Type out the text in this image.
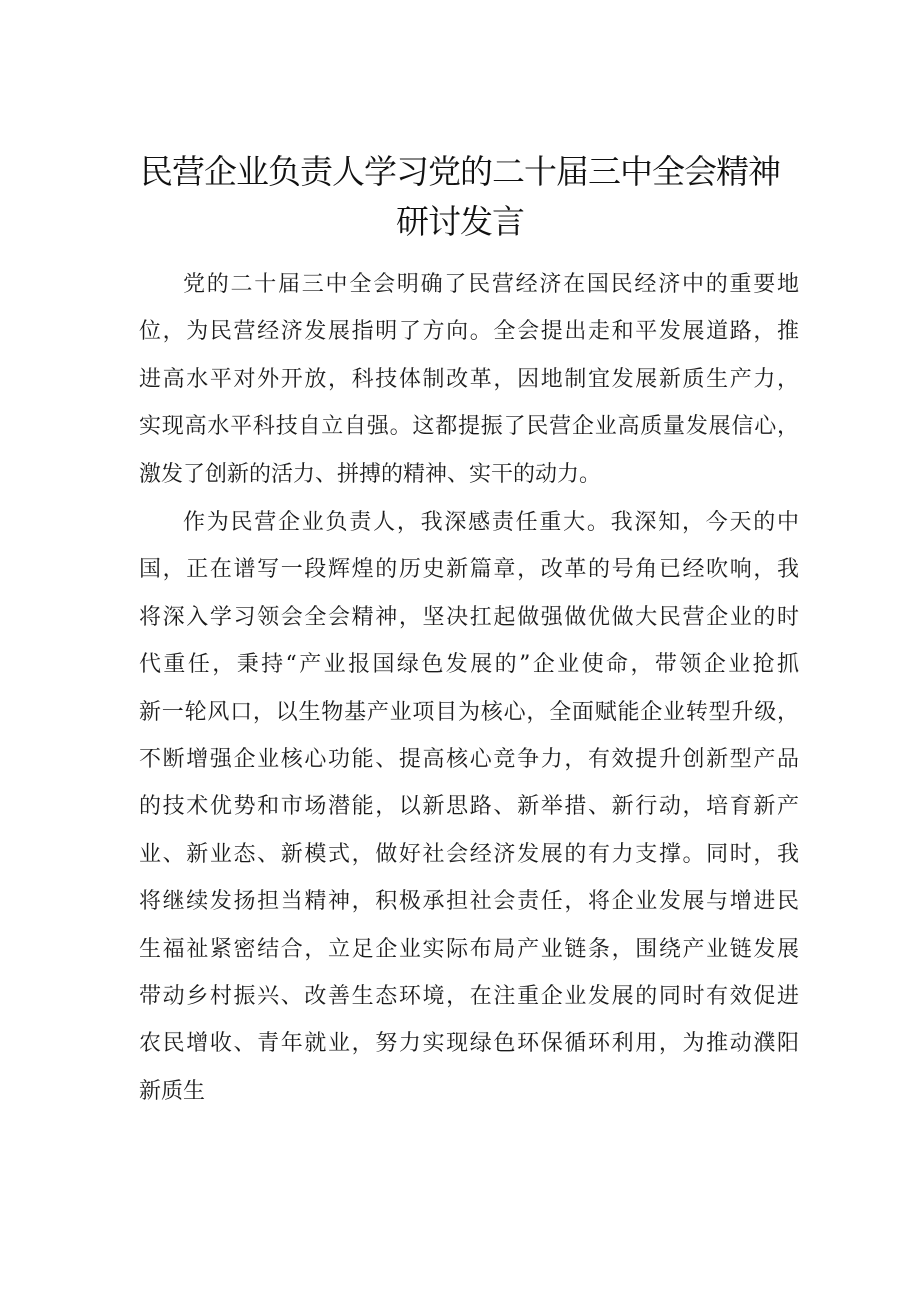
民营企业负责人学习党的二十届三中全会精神
研讨发言
党的二十届三中全会明确了民营经济在国民经济中的重要地
位，为民营经济发展指明了方向。全会提出走和平发展道路，推
进高水平对外开放，科技体制改革，因地制宜发展新质生产力，
实现高水平科技自立自强。这都提振了民营企业高质量发展信心，
激发了创新的活力、拼搏的精神、实干的动力。
作为民营企业负责人，我深感责任重大。我深知，今天的中
国，正在谱写一段辉煌的历史新篇章，改革的号角已经吹响，我
将深入学习领会全会精神，坚决扛起做强做优做大民营企业的时
代重任，秉持“产业报国绿色发展的”企业使命，带领企业抢抓
新一轮风口，以生物基产业项目为核心，全面赋能企业转型升级，
不断增强企业核心功能、提高核心竞争力，有效提升创新型产品
的技术优势和市场潜能，以新思路、新举措、新行动，培育新产
业、新业态、新模式，做好社会经济发展的有力支撑。同时，我
将继续发扬担当精神，积极承担社会责任，将企业发展与增进民
生福祉紧密结合，立足企业实际布局产业链条，围绕产业链发展
带动乡村振兴、改善生态环境，在注重企业发展的同时有效促进
农民增收、青年就业，努力实现绿色环保循环利用，为推动濮阳
新质生
